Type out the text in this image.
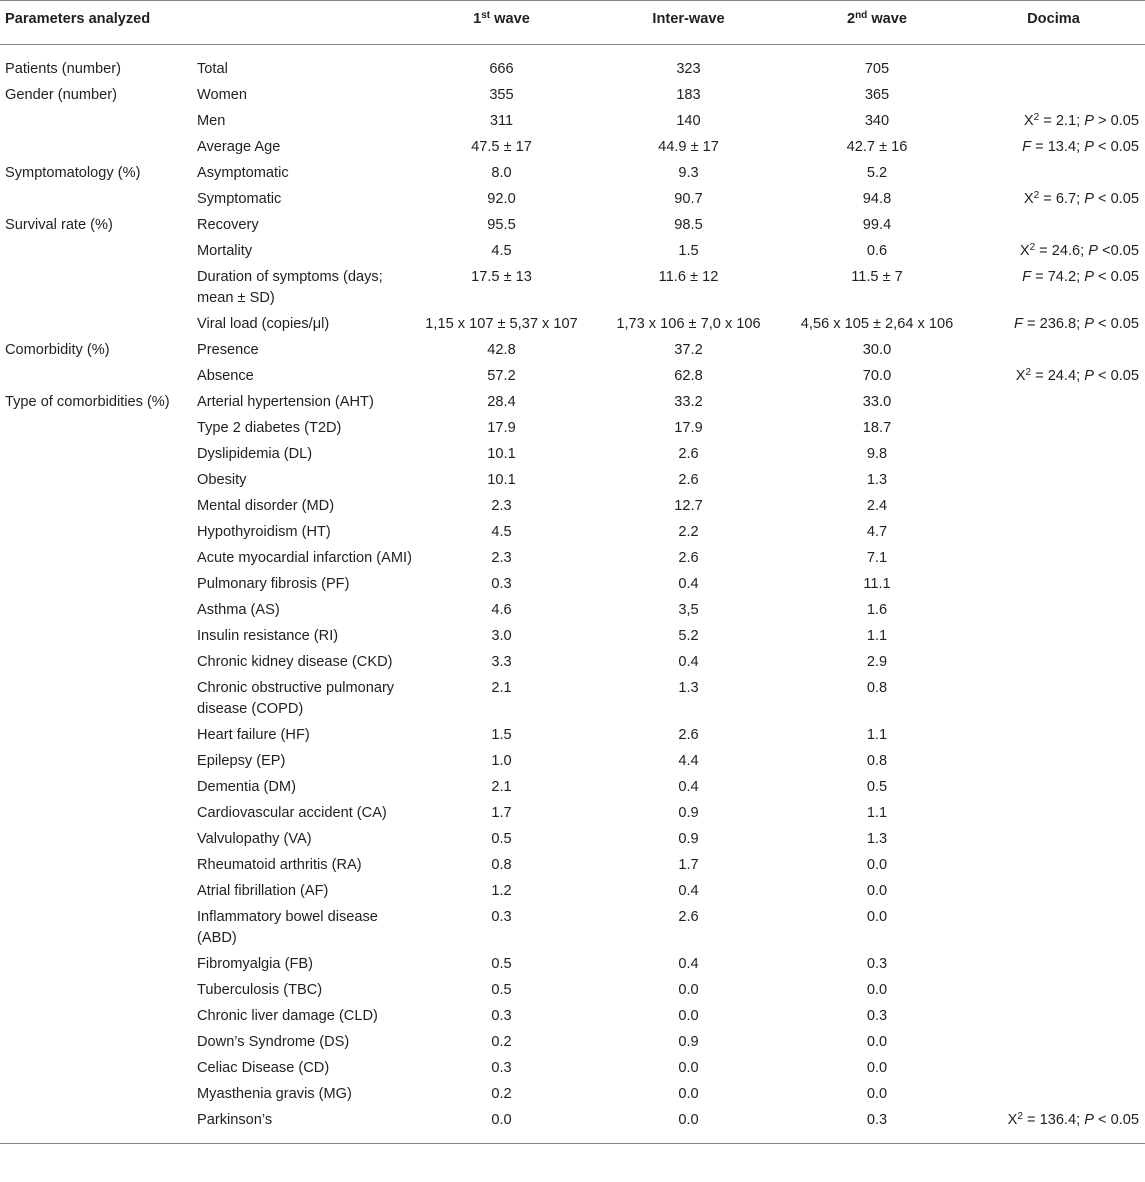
Parameters analyzed		1st wave	Inter-wave	2nd wave	Docima
Patients (number)	Total	666	323	705	
Gender (number)	Women	355	183	365	
	Men	311	140	340	$X^2 = 2.1$; P > 0.05
	Average Age	47.5 ± 17	44.9 ± 17	42.7 ± 16	F = 13.4; P < 0.05
Symptomatology (%)	Asymptomatic	8.0	9.3	5.2	
	Symptomatic	92.0	90.7	94.8	$X^2 = 6.7$; P < 0.05
Survival rate (%)	Recovery	95.5	98.5	99.4	
	Mortality	4.5	1.5	0.6	$X^2 = 24.6$; P <0.05
	Duration of symptoms (days; mean ± SD)	17.5 ± 13	11.6 ± 12	11.5 ± 7	F = 74.2; P < 0.05
	Viral load (copies/μl)	1,15 x 107 ± 5,37 x 107	1,73 x 106 ± 7,0 x 106	4,56 x 105 ± 2,64 x 106	F = 236.8; P < 0.05
Comorbidity (%)	Presence	42.8	37.2	30.0	
	Absence	57.2	62.8	70.0	$X^2 = 24.4$; P < 0.05
Type of comorbidities (%)	Arterial hypertension (AHT)	28.4	33.2	33.0	
	Type 2 diabetes (T2D)	17.9	17.9	18.7	
	Dyslipidemia (DL)	10.1	2.6	9.8	
	Obesity	10.1	2.6	1.3	
	Mental disorder (MD)	2.3	12.7	2.4	
	Hypothyroidism (HT)	4.5	2.2	4.7	
	Acute myocardial infarction (AMI)	2.3	2.6	7.1	
	Pulmonary fibrosis (PF)	0.3	0.4	11.1	
	Asthma (AS)	4.6	3,5	1.6	
	Insulin resistance (RI)	3.0	5.2	1.1	
	Chronic kidney disease (CKD)	3.3	0.4	2.9	
	Chronic obstructive pulmonary disease (COPD)	2.1	1.3	0.8	
	Heart failure (HF)	1.5	2.6	1.1	
	Epilepsy (EP)	1.0	4.4	0.8	
	Dementia (DM)	2.1	0.4	0.5	
	Cardiovascular accident (CA)	1.7	0.9	1.1	
	Valvulopathy (VA)	0.5	0.9	1.3	
	Rheumatoid arthritis (RA)	0.8	1.7	0.0	
	Atrial fibrillation (AF)	1.2	0.4	0.0	
	Inflammatory bowel disease (ABD)	0.3	2.6	0.0	
	Fibromyalgia (FB)	0.5	0.4	0.3	
	Tuberculosis (TBC)	0.5	0.0	0.0	
	Chronic liver damage (CLD)	0.3	0.0	0.3	
	Down’s Syndrome (DS)	0.2	0.9	0.0	
	Celiac Disease (CD)	0.3	0.0	0.0	
	Myasthenia gravis (MG)	0.2	0.0	0.0	
	Parkinson’s	0.0	0.0	0.3	$X^2 = 136.4$; P < 0.05
